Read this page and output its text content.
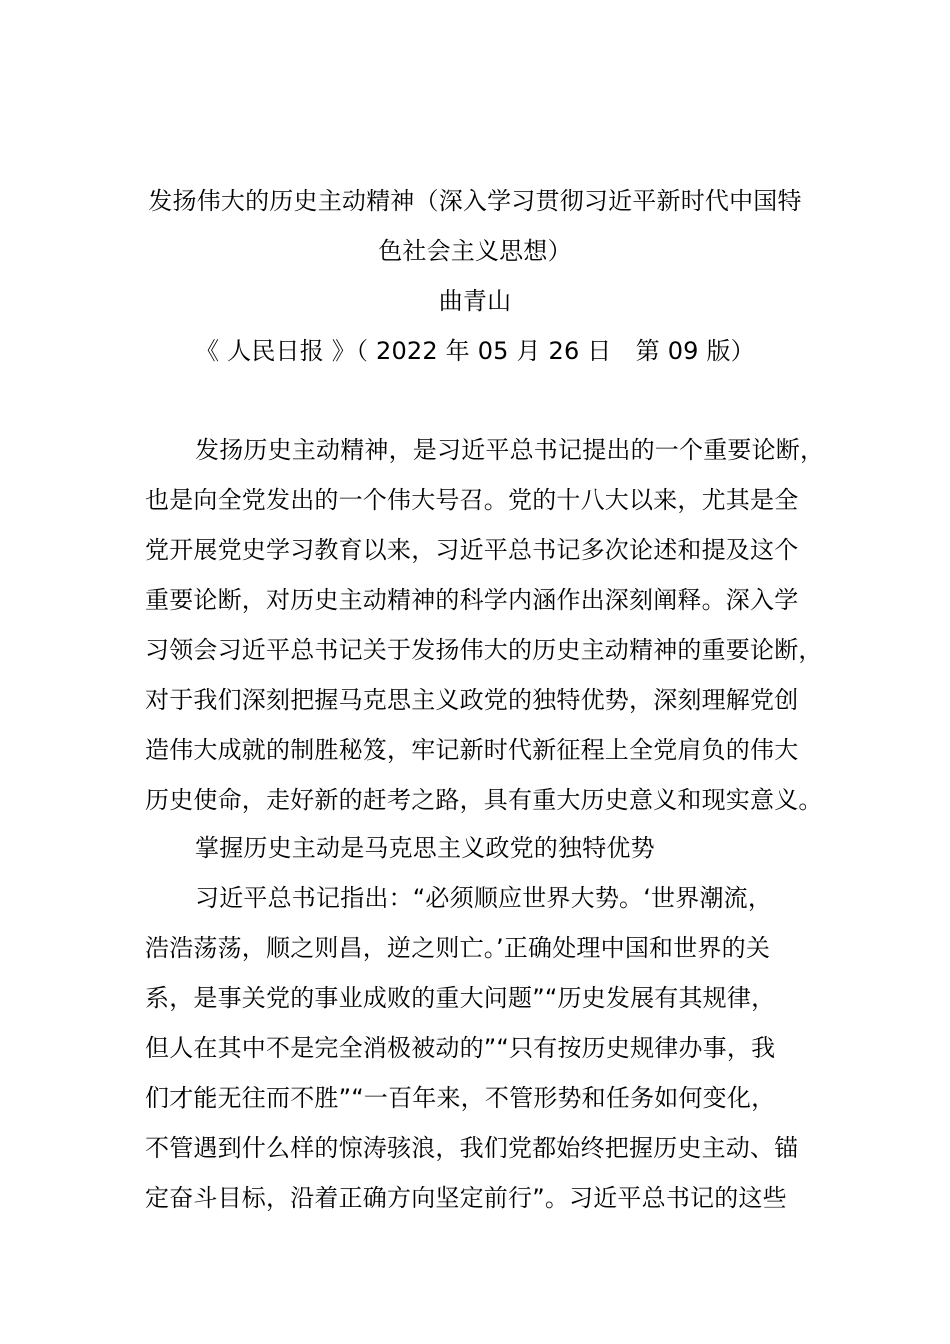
发扬伟大的历史主动精神（深入学习贯彻习近平新时代中国特
色社会主义思想）
曲青山
《 人民日报 》（ 2022 年 05 月 26 日　第 09 版）
发扬历史主动精神，是习近平总书记提出的一个重要论断，
也是向全党发出的一个伟大号召。党的十八大以来，尤其是全
党开展党史学习教育以来，习近平总书记多次论述和提及这个
重要论断，对历史主动精神的科学内涵作出深刻阐释。深入学
习领会习近平总书记关于发扬伟大的历史主动精神的重要论断，
对于我们深刻把握马克思主义政党的独特优势，深刻理解党创
造伟大成就的制胜秘笈，牢记新时代新征程上全党肩负的伟大
历史使命，走好新的赶考之路，具有重大历史意义和现实意义。
掌握历史主动是马克思主义政党的独特优势
习近平总书记指出：“必须顺应世界大势。‘世界潮流，
浩浩荡荡，顺之则昌，逆之则亡。’正确处理中国和世界的关
系，是事关党的事业成败的重大问题”“历史发展有其规律，
但人在其中不是完全消极被动的”“只有按历史规律办事，我
们才能无往而不胜”“一百年来，不管形势和任务如何变化，
不管遇到什么样的惊涛骇浪，我们党都始终把握历史主动、锚
定奋斗目标，沿着正确方向坚定前行”。习近平总书记的这些
